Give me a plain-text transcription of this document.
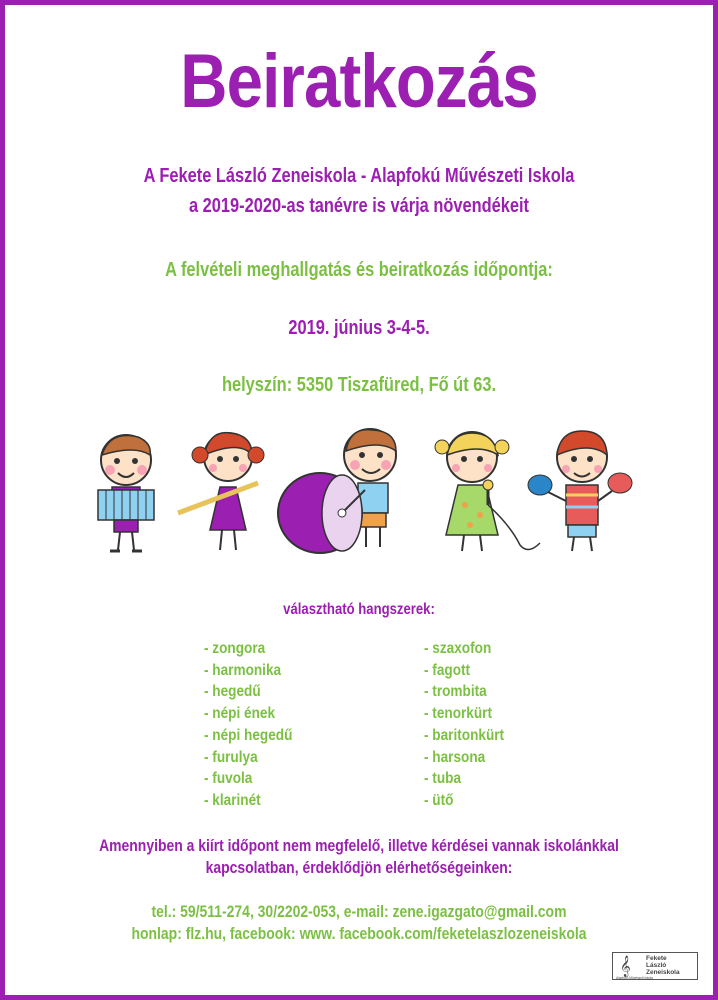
Beiratkozás
A Fekete László Zeneiskola - Alapfokú Művészeti Iskola
a 2019-2020-as tanévre is várja növendékeit
A felvételi meghallgatás és beiratkozás időpontja:
2019. június 3-4-5.
helyszín: 5350 Tiszafüred, Fő út 63.
választható hangszerek:
- zongora
- harmonika
- hegedű
- népi ének
- népi hegedű
- furulya
- fuvola
- klarinét
- szaxofon
- fagott
- trombita
- tenorkürt
- baritonkürt
- harsona
- tuba
- ütő
Amennyiben a kiírt időpont nem megfelelő, illetve kérdései vannak iskolánkkal
kapcsolatban, érdeklődjön elérhetőségeinken:
tel.: 59/511-274, 30/2202-053, e-mail: zene.igazgato@gmail.com
honlap: flz.hu, facebook: www. facebook.com/feketelaszlozeneiskola
𝄞 Fekete
László
Zeneiskola
Alapfokú Művészeti Iskola
